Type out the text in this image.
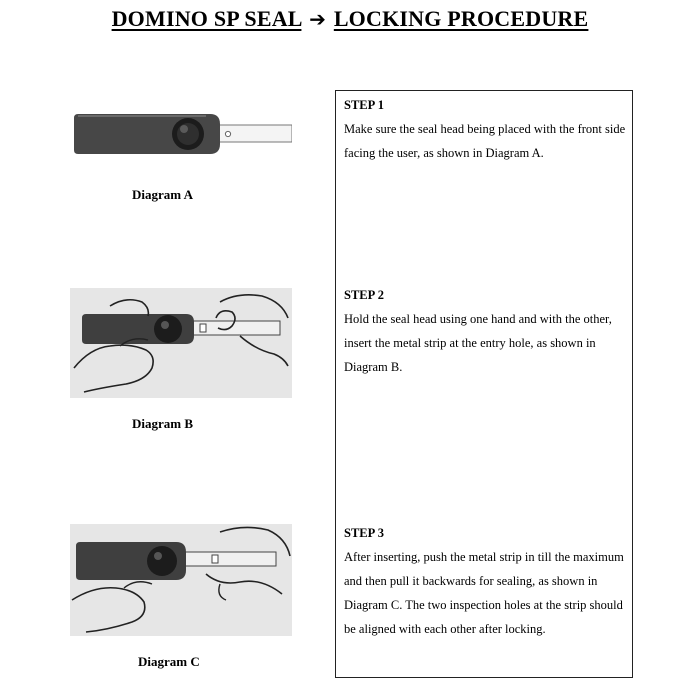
DOMINO SP SEAL ➔ LOCKING PROCEDURE
Diagram A
Diagram B
Diagram C
STEP 1
Make sure the seal head being placed with the front side facing the user, as shown in Diagram A.
STEP 2
Hold the seal head using one hand and with the other, insert the metal strip at the entry hole, as shown in Diagram B.
STEP 3
After inserting, push the metal strip in till the maximum and then pull it backwards for sealing, as shown in Diagram C. The two inspection holes at the strip should be aligned with each other after locking.
